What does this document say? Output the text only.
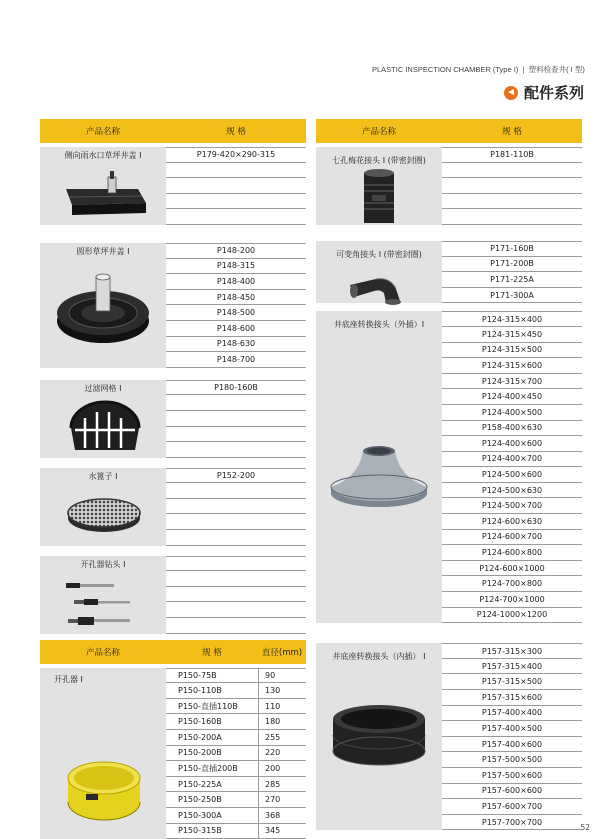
PLASTIC INSPECTION CHAMBER (Type I)  |  塑料检查井( I 型)
配件系列
产品名称	规 格
侧向雨水口草坪井盖 I	P179-420×290-315
圆形草坪井盖 I	P148-200
P148-315
P148-400
P148-450
P148-500
P148-600
P148-630
P148-700
过滤网格 I	P180-160B
水篦子 I	P152-200
开孔器钻头 I
产品名称	规 格	直径(mm)
开孔器 I	P150-75B	90
P150-110B	130
P150-直插110B	110
P150-160B	180
P150-200A	255
P150-200B	220
P150-直插200B	200
P150-225A	285
P150-250B	270
P150-300A	368
P150-315B	345
产品名称	规 格
七孔梅花接头 I (带密封圈)
P181-110B
可变角接头 I (带密封圈)
P171-160B
P171-200B
P171-225A
P171-300A
井底座转换接头（外插）I
P124-315×400
P124-315×450
P124-315×500
P124-315×600
P124-315×700
P124-400×450
P124-400×500
P158-400×630
P124-400×600
P124-400×700
P124-500×600
P124-500×630
P124-500×700
P124-600×630
P124-600×700
P124-600×800
P124-600×1000
P124-700×800
P124-700×1000
P124-1000×1200
井底座转换接头（内插） I
P157-315×300
P157-315×400
P157-315×500
P157-315×600
P157-400×400
P157-400×500
P157-400×600
P157-500×500
P157-500×600
P157-600×600
P157-600×700
P157-700×700
52
